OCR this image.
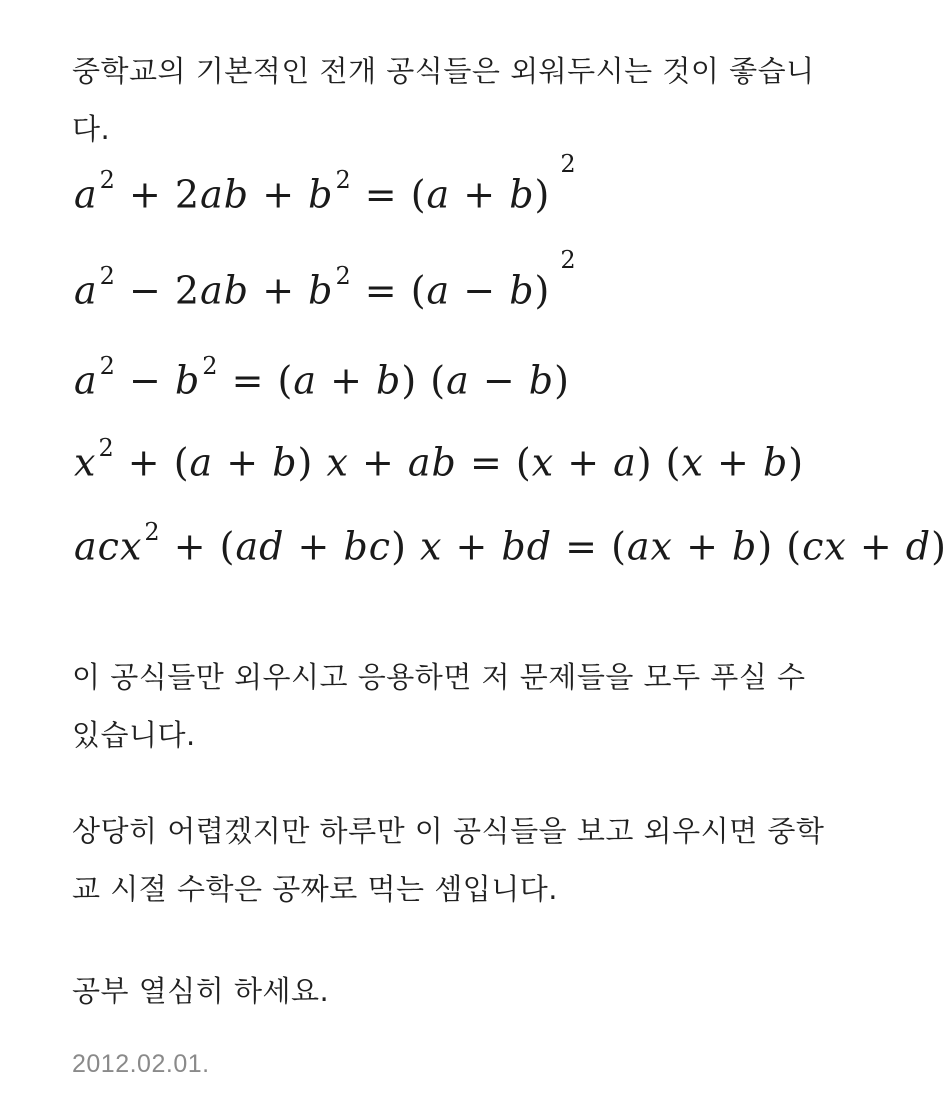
중학교의 기본적인 전개 공식들은 외워두시는 것이 좋습니
다.
$a^2 + 2ab + b^2 = (a + b)^2$
$a^2 - 2ab + b^2 = (a - b)^2$
$a^2 - b^2 = (a + b) (a - b)$
$x^2 + (a + b) x$ + ab = (x + a) (x + b)
acx$^2$ + (ad + bc) x + bd = (ax + b) (cx + d)
이 공식들만 외우시고 응용하면 저 문제들을 모두 푸실 수
있습니다.
상당히 어렵겠지만 하루만 이 공식들을 보고 외우시면 중학
교 시절 수학은 공짜로 먹는 셈입니다.
공부 열심히 하세요.
2012.02.01.
